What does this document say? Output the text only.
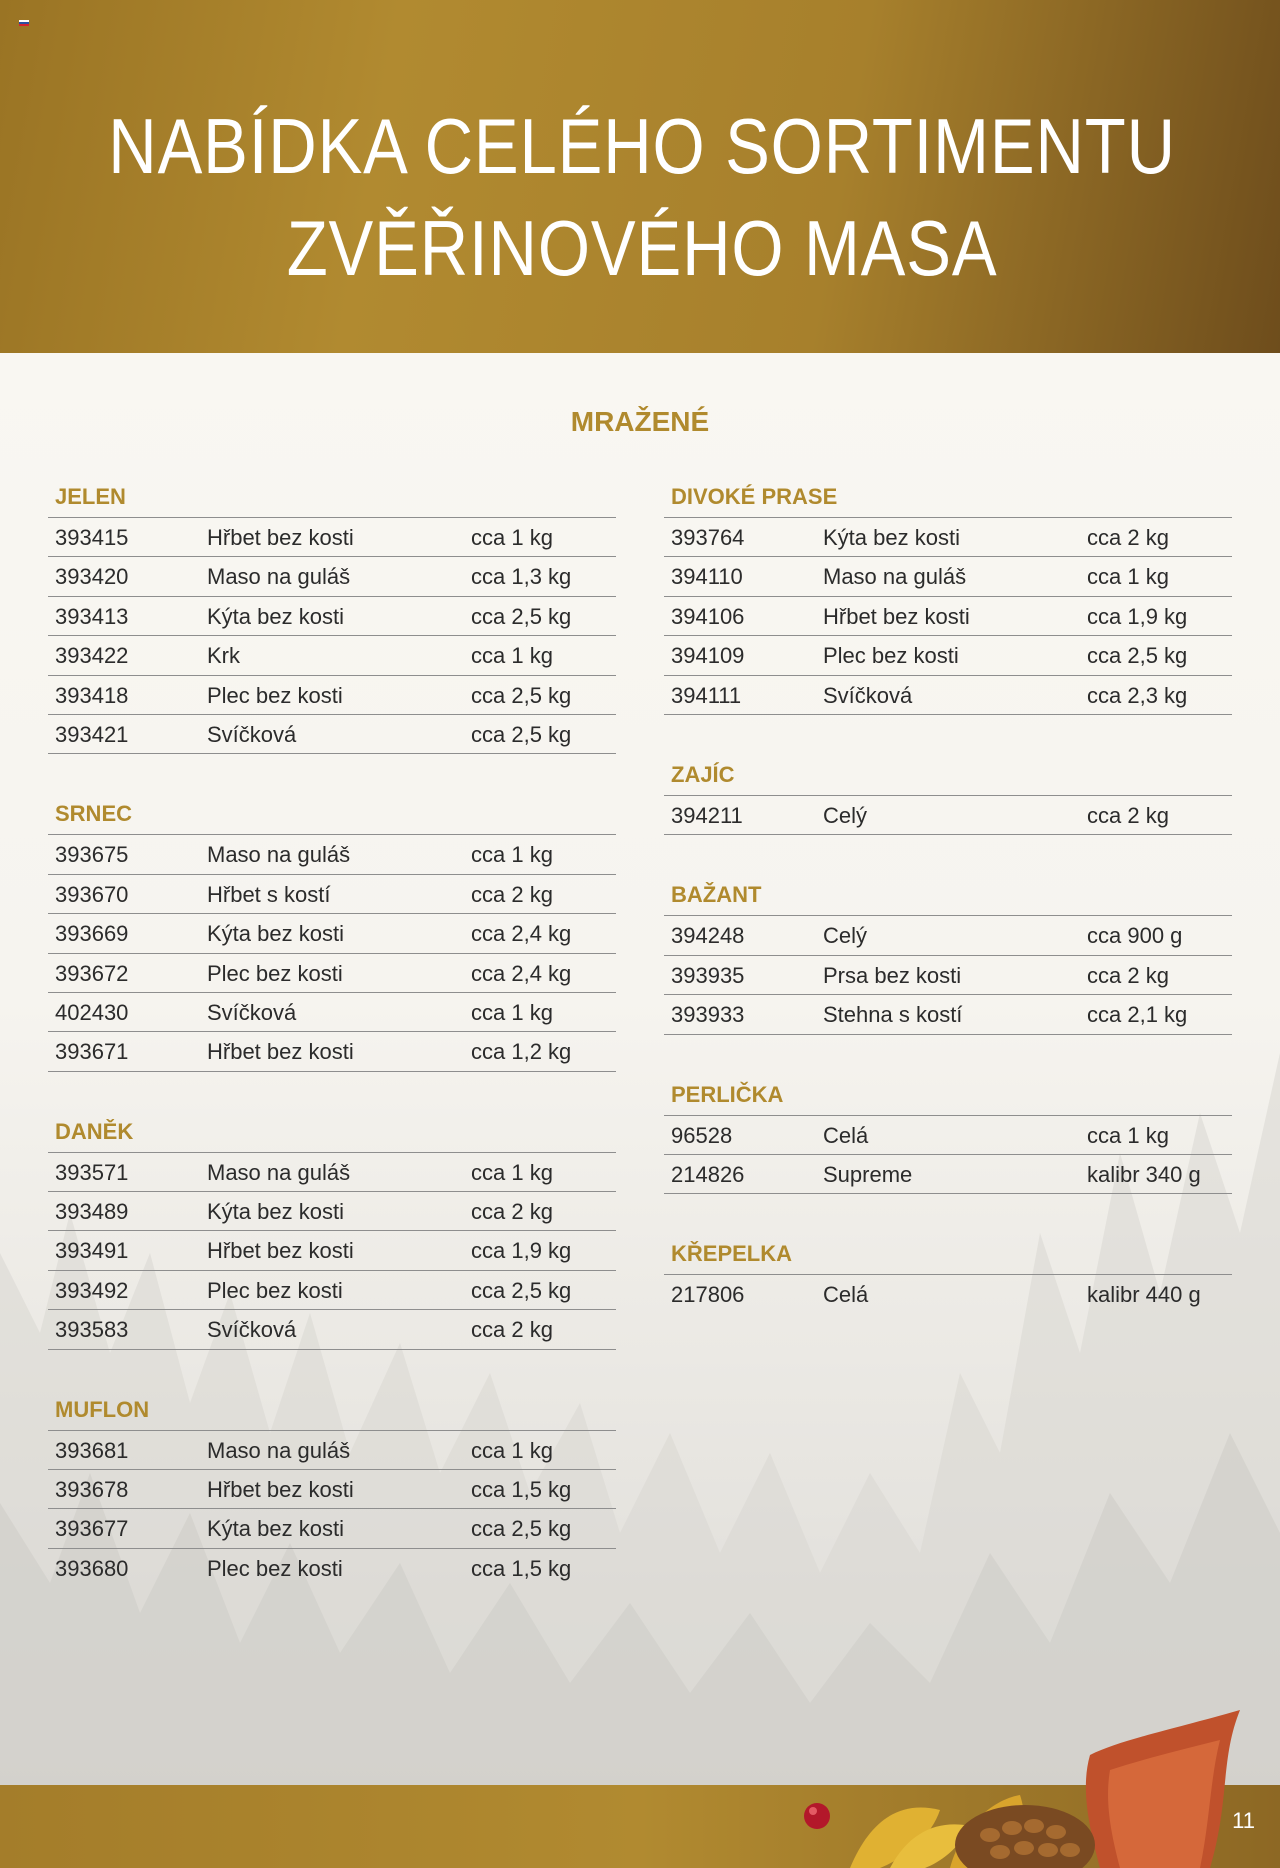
NABÍDKA CELÉHO SORTIMENTU
ZVĚŘINOVÉHO MASA
MRAŽENÉ
JELEN
393415	Hřbet bez kosti	cca 1 kg
393420	Maso na guláš	cca 1,3 kg
393413	Kýta bez kosti	cca 2,5 kg
393422	Krk	cca 1 kg
393418	Plec bez kosti	cca 2,5 kg
393421	Svíčková	cca 2,5 kg
SRNEC
393675	Maso na guláš	cca 1 kg
393670	Hřbet s kostí	cca 2 kg
393669	Kýta bez kosti	cca 2,4 kg
393672	Plec bez kosti	cca 2,4 kg
402430	Svíčková	cca 1 kg
393671	Hřbet bez kosti	cca 1,2 kg
DANĚK
393571	Maso na guláš	cca 1 kg
393489	Kýta bez kosti	cca 2 kg
393491	Hřbet bez kosti	cca 1,9 kg
393492	Plec bez kosti	cca 2,5 kg
393583	Svíčková	cca 2 kg
MUFLON
393681	Maso na guláš	cca 1 kg
393678	Hřbet bez kosti	cca 1,5 kg
393677	Kýta bez kosti	cca 2,5 kg
393680	Plec bez kosti	cca 1,5 kg
DIVOKÉ PRASE
393764	Kýta bez kosti	cca 2 kg
394110	Maso na guláš	cca 1 kg
394106	Hřbet bez kosti	cca 1,9 kg
394109	Plec bez kosti	cca 2,5 kg
394111	Svíčková	cca 2,3 kg
ZAJÍC
394211	Celý	cca 2 kg
BAŽANT
394248	Celý	cca 900 g
393935	Prsa bez kosti	cca 2 kg
393933	Stehna s kostí	cca 2,1 kg
PERLIČKA
96528	Celá	cca 1 kg
214826	Supreme	kalibr 340 g
KŘEPELKA
217806	Celá	kalibr 440 g
11
